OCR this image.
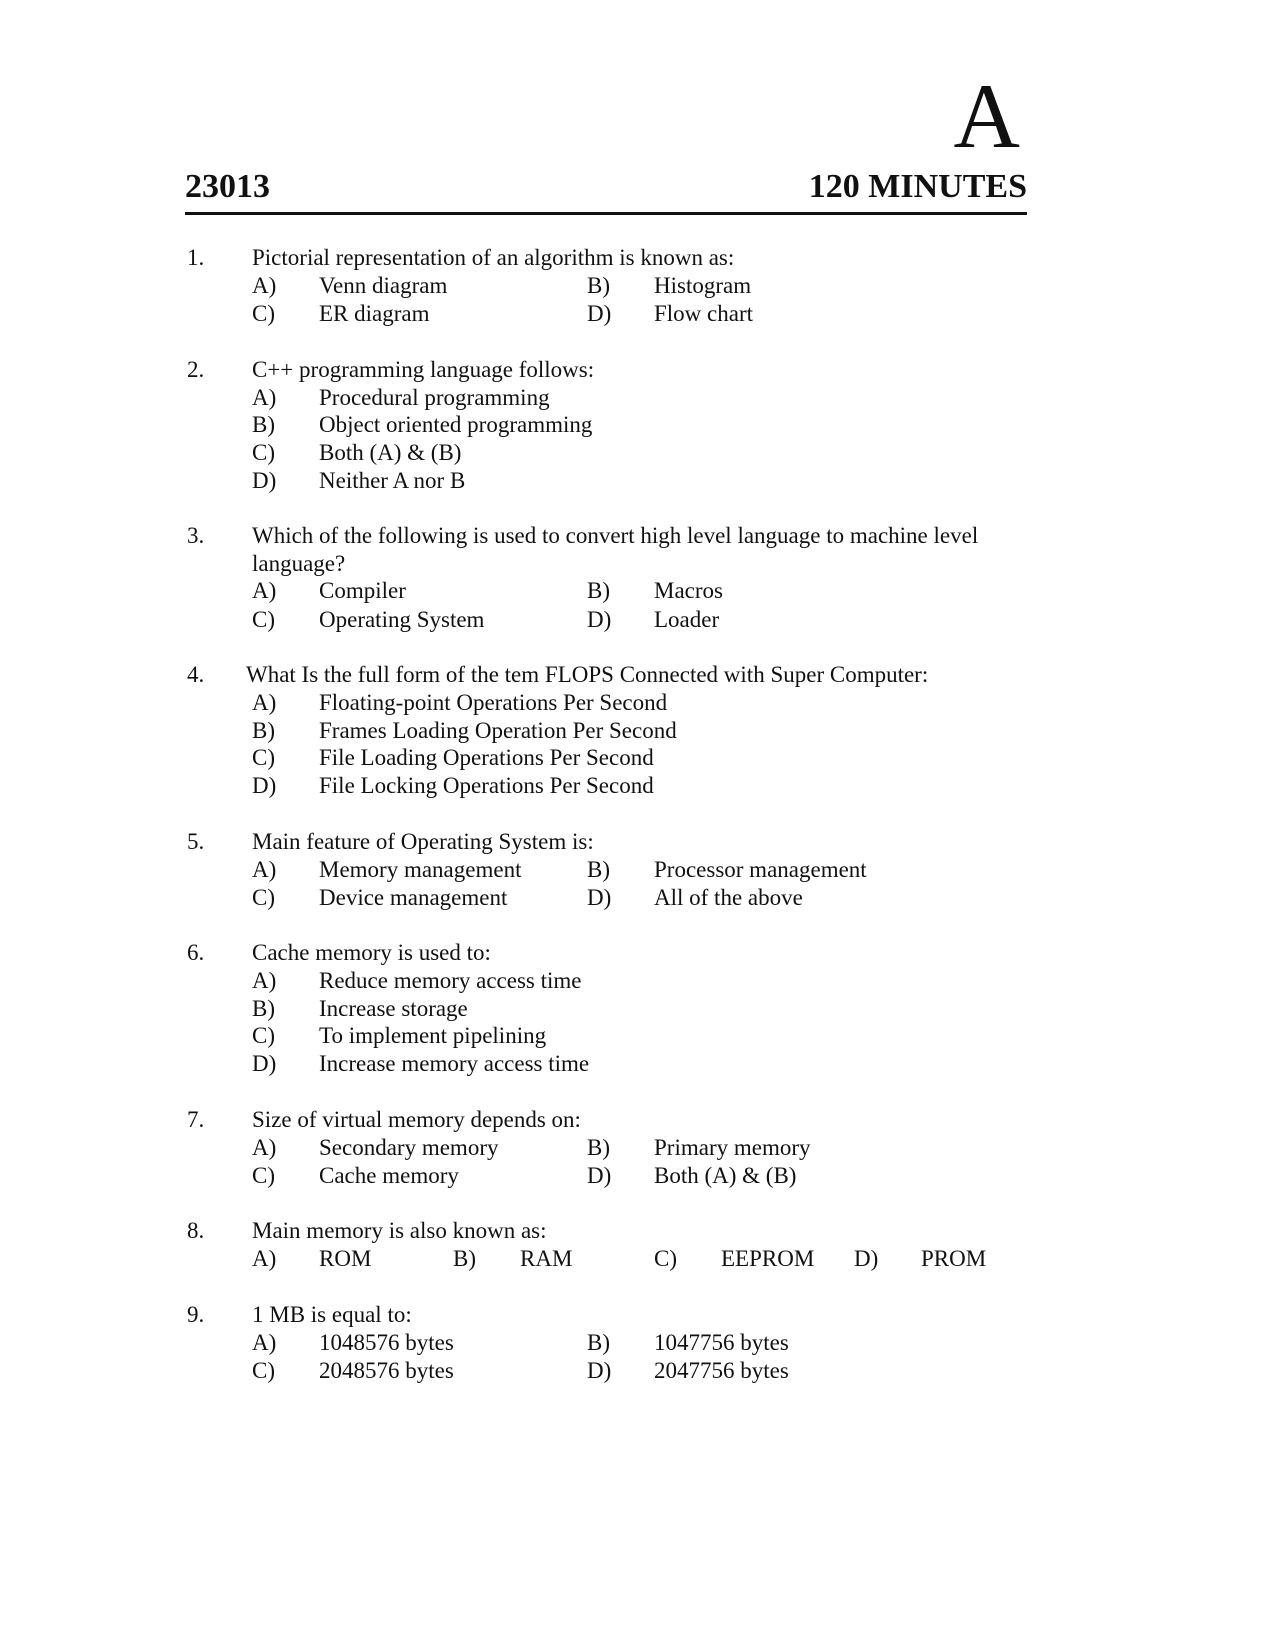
A
23013	120 MINUTES
1. Pictorial representation of an algorithm is known as:
A) Venn diagram	B) Histogram
C) ER diagram	D) Flow chart
2. C++ programming language follows:
A) Procedural programming
B) Object oriented programming
C) Both (A) & (B)
D) Neither A nor B
3. Which of the following is used to convert high level language to machine level language?
A) Compiler	B) Macros
C) Operating System	D) Loader
4. What Is the full form of the tem FLOPS Connected with Super Computer:
A) Floating-point Operations Per Second
B) Frames Loading Operation Per Second
C) File Loading Operations Per Second
D) File Locking Operations Per Second
5. Main feature of Operating System is:
A) Memory management	B) Processor management
C) Device management	D) All of the above
6. Cache memory is used to:
A) Reduce memory access time
B) Increase storage
C) To implement pipelining
D) Increase memory access time
7. Size of virtual memory depends on:
A) Secondary memory	B) Primary memory
C) Cache memory	D) Both (A) & (B)
8. Main memory is also known as:
A) ROM	B) RAM	C) EEPROM D) PROM
9. 1 MB is equal to:
A) 1048576 bytes	B) 1047756 bytes
C) 2048576 bytes	D) 2047756 bytes
